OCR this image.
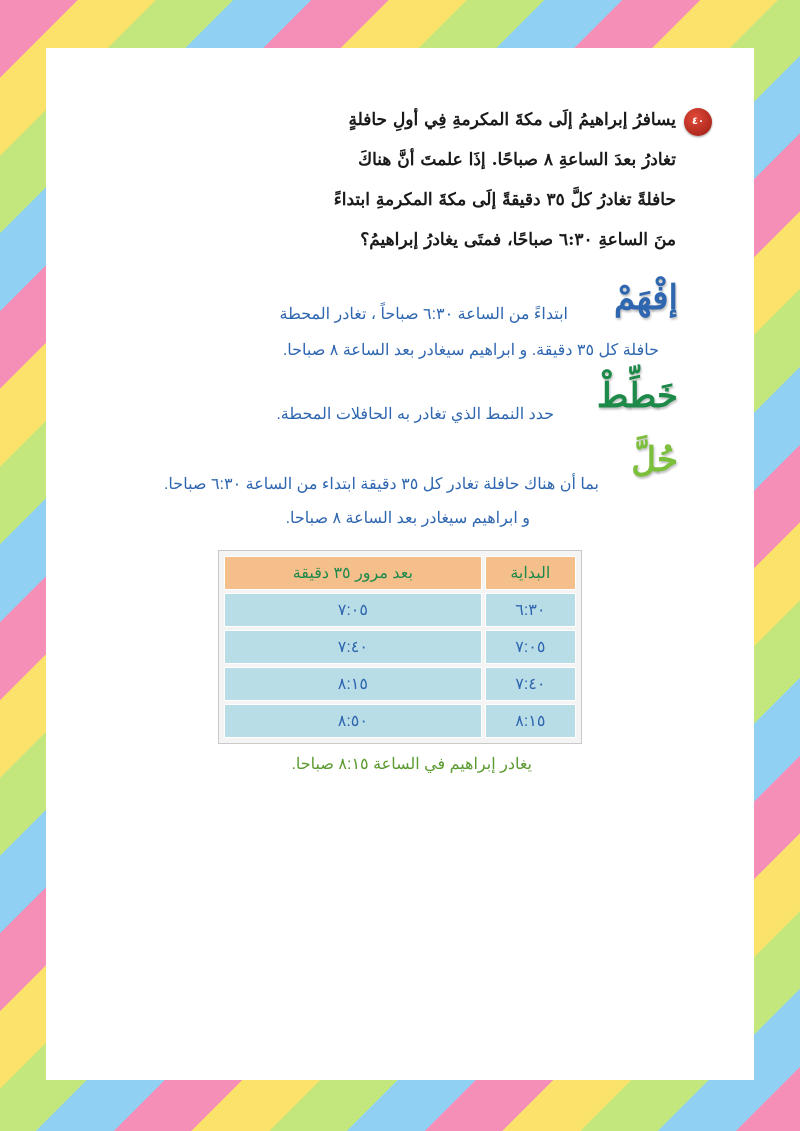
٤٠
يسافرُ إبراهيمُ إلَى مكةَ المكرمةِ فِي أولِ حافلةٍ
تغادرُ بعدَ الساعةِ ٨ صباحًا. إذَا علمتَ أنَّ هناكَ
حافلةً تغادرُ كلَّ ٣٥ دقيقةً إلَى مكةَ المكرمةِ ابتداءً
منَ الساعةِ ٦:٣٠ صباحًا، فمتَى يغادرُ إبراهيمُ؟
إفْهَمْ
ابتداءً من الساعة ٦:٣٠ صباحاً ، تغادر المحطة
حافلة كل ٣٥ دقيقة. و ابراهيم سيغادر بعد الساعة ٨ صباحا.
خَطِّطْ
حدد النمط الذي تغادر به الحافلات المحطة.
حُلَّ
بما أن هناك حافلة تغادر كل ٣٥ دقيقة ابتداء من الساعة ٦:٣٠ صباحا.
و ابراهيم سيغادر بعد الساعة ٨ صباحا.
البداية	بعد مرور ٣٥ دقيقة
٦:٣٠	٧:٠٥
٧:٠٥	٧:٤٠
٧:٤٠	٨:١٥
٨:١٥	٨:٥٠
يغادر إبراهيم في الساعة ٨:١٥ صباحا.
